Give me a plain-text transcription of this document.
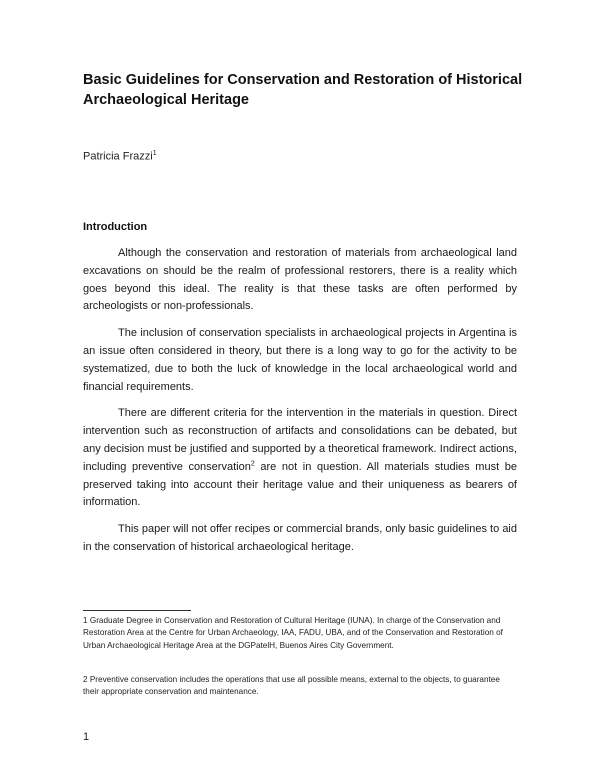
Basic Guidelines for Conservation and Restoration of Historical Archaeological Heritage
Patricia Frazzi$^1$
Introduction

Although the conservation and restoration of materials from archaeological land excavations on should be the realm of professional restorers, there is a reality which goes beyond this ideal. The reality is that these tasks are often performed by archeologists or non-professionals.

The inclusion of conservation specialists in archaeological projects in Argentina is an issue often considered in theory, but there is a long way to go for the activity to be systematized, due to both the luck of knowledge in the local archaeological world and financial requirements.

There are different criteria for the intervention in the materials in question. Direct intervention such as reconstruction of artifacts and consolidations can be debated, but any decision must be justified and supported by a theoretical framework. Indirect actions, including preventive conservation$^2$ are not in question. All materials studies must be preserved taking into account their heritage value and their uniqueness as bearers of information.

This paper will not offer recipes or commercial brands, only basic guidelines to aid in the conservation of historical archaeological heritage.

1 Graduate Degree in Conservation and Restoration of Cultural Heritage (IUNA). In charge of the Conservation and Restoration Area at the Centre for Urban Archaeology, IAA, FADU, UBA, and of the Conservation and Restoration of Urban Archaeological Heritage Area at the DGPatelH, Buenos Aires City Government.
2 Preventive conservation includes the operations that use all possible means, external to the objects, to guarantee their appropriate conservation and maintenance.
1
